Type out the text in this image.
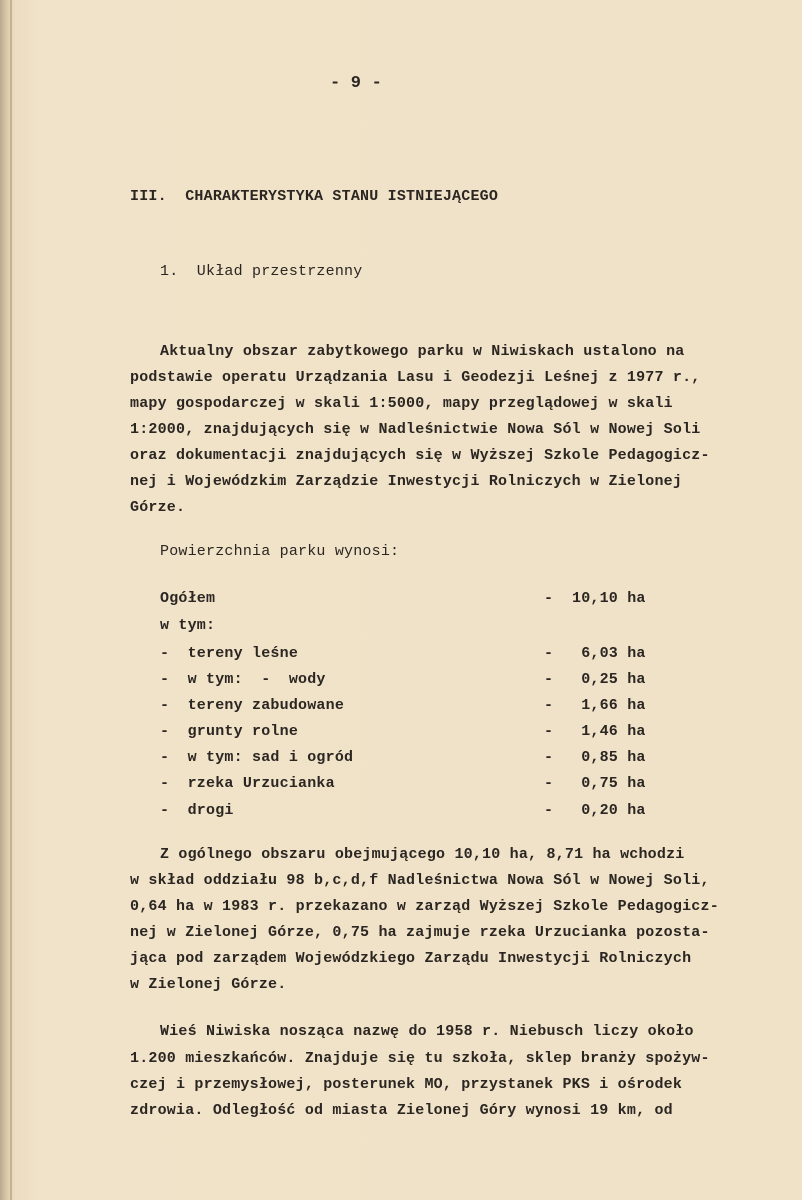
- 9 -
III.  CHARAKTERYSTYKA STANU ISTNIEJĄCEGO
1.  Układ przestrzenny
Aktualny obszar zabytkowego parku w Niwiskach ustalono na
podstawie operatu Urządzania Lasu i Geodezji Leśnej z 1977 r.,
mapy gospodarczej w skali 1:5000, mapy przeglądowej w skali
1:2000, znajdujących się w Nadleśnictwie Nowa Sól w Nowej Soli
oraz dokumentacji znajdujących się w Wyższej Szkole Pedagogicz-
nej i Wojewódzkim Zarządzie Inwestycji Rolniczych w Zielonej
Górze.
Powierzchnia parku wynosi:
Ogółem	- 10,10 ha
w tym:
-  tereny leśne	- 6,03 ha
-  w tym:  -  wody	- 0,25 ha
-  tereny zabudowane	- 1,66 ha
-  grunty rolne	- 1,46 ha
-  w tym: sad i ogród	- 0,85 ha
-  rzeka Urzucianka	- 0,75 ha
-  drogi	- 0,20 ha
Z ogólnego obszaru obejmującego 10,10 ha, 8,71 ha wchodzi
w skład oddziału 98 b,c,d,f Nadleśnictwa Nowa Sól w Nowej Soli,
0,64 ha w 1983 r. przekazano w zarząd Wyższej Szkole Pedagogicz-
nej w Zielonej Górze, 0,75 ha zajmuje rzeka Urzucianka pozosta-
jąca pod zarządem Wojewódzkiego Zarządu Inwestycji Rolniczych
w Zielonej Górze.
Wieś Niwiska nosząca nazwę do 1958 r. Niebusch liczy około
1.200 mieszkańców. Znajduje się tu szkoła, sklep branży spożyw-
czej i przemysłowej, posterunek MO, przystanek PKS i ośrodek
zdrowia. Odległość od miasta Zielonej Góry wynosi 19 km, od
